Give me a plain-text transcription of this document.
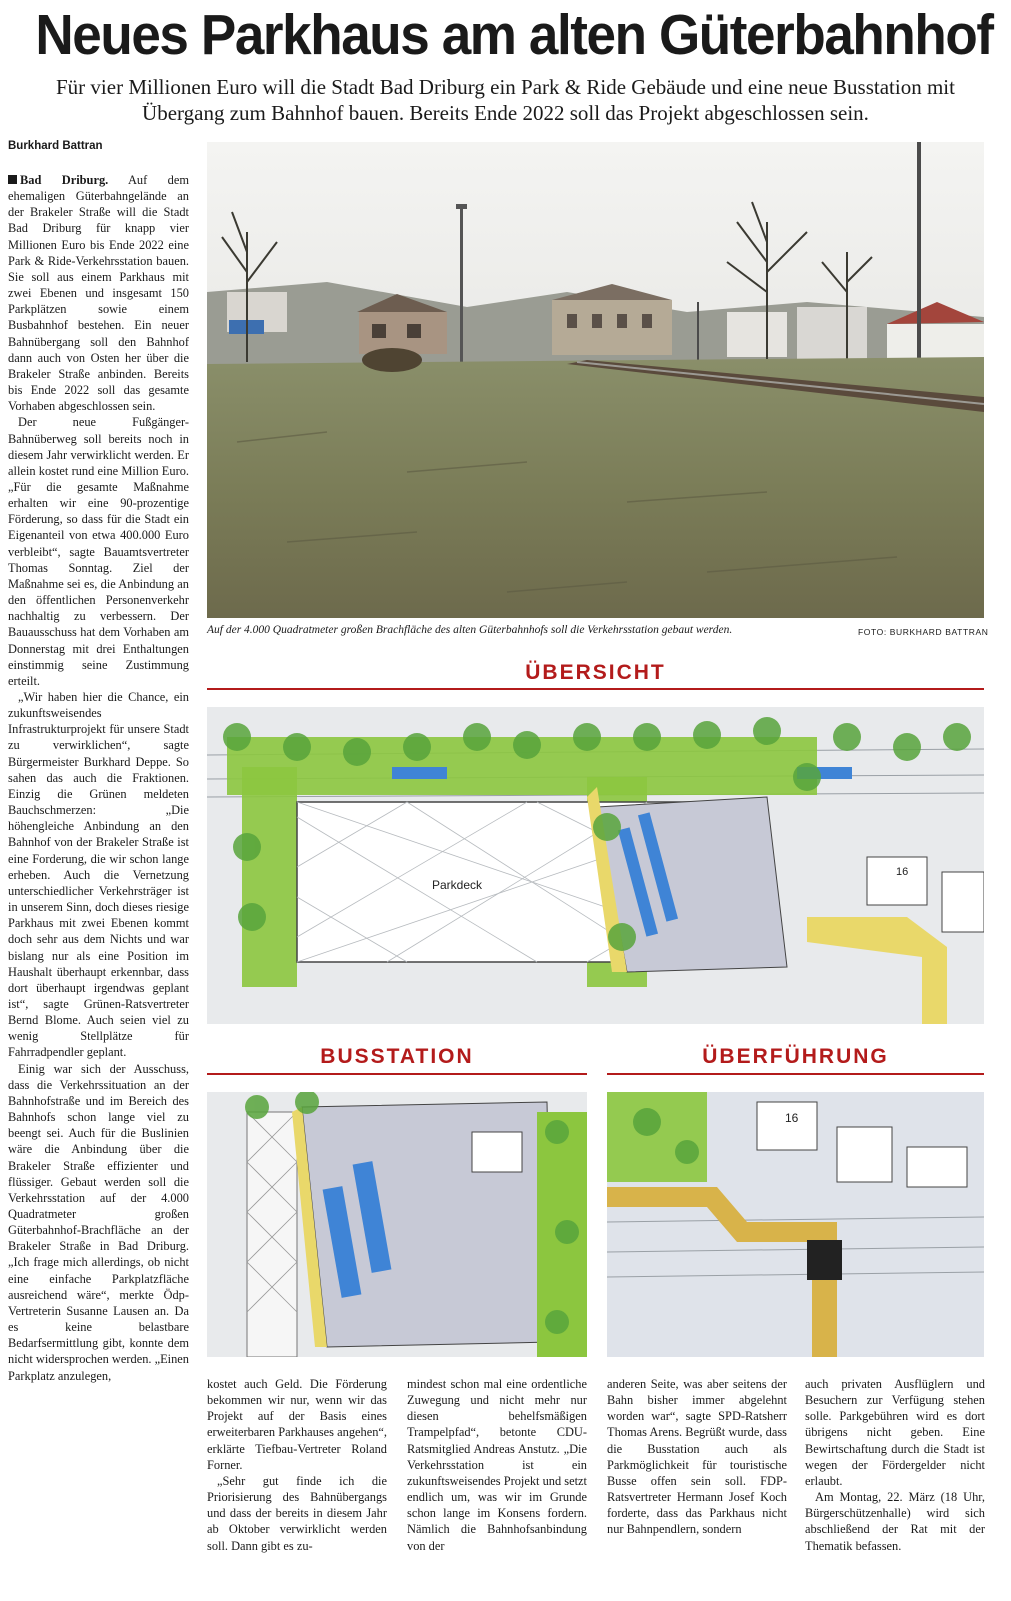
Neues Parkhaus am alten Güterbahnhof
Für vier Millionen Euro will die Stadt Bad Driburg ein Park & Ride Gebäude und eine neue Busstation mit
Übergang zum Bahnhof bauen. Bereits Ende 2022 soll das Projekt abgeschlossen sein.
Burkhard Battran

Bad Driburg. Auf dem ehemaligen Güterbahngelände an der Brakeler Straße will die Stadt Bad Driburg für knapp vier Millionen Euro bis Ende 2022 eine Park & Ride-Verkehrsstation bauen. Sie soll aus einem Parkhaus mit zwei Ebenen und insgesamt 150 Parkplätzen sowie einem Busbahnhof bestehen. Ein neuer Bahnübergang soll den Bahnhof dann auch von Osten her über die Brakeler Straße anbinden. Bereits bis Ende 2022 soll das gesamte Vorhaben abgeschlossen sein.

Der neue Fußgänger-Bahnüberweg soll bereits noch in diesem Jahr verwirklicht werden. Er allein kostet rund eine Million Euro. „Für die gesamte Maßnahme erhalten wir eine 90-prozentige Förderung, so dass für die Stadt ein Eigenanteil von etwa 400.000 Euro verbleibt“, sagte Bauamtsvertreter Thomas Sonntag. Ziel der Maßnahme sei es, die Anbindung an den öffentlichen Personenverkehr nachhaltig zu verbessern. Der Bauausschuss hat dem Vorhaben am Donnerstag mit drei Enthaltungen einstimmig seine Zustimmung erteilt.

„Wir haben hier die Chance, ein zukunftsweisendes Infrastrukturprojekt für unsere Stadt zu verwirklichen“, sagte Bürgermeister Burkhard Deppe. So sahen das auch die Fraktionen. Einzig die Grünen meldeten Bauchschmerzen: „Die höhengleiche Anbindung an den Bahnhof von der Brakeler Straße ist eine Forderung, die wir schon lange erheben. Auch die Vernetzung unterschiedlicher Verkehrsträger ist in unserem Sinn, doch dieses riesige Parkhaus mit zwei Ebenen kommt doch sehr aus dem Nichts und war bislang nur als eine Position im Haushalt überhaupt erkennbar, dass dort überhaupt irgendwas geplant ist“, sagte Grünen-Ratsvertreter Bernd Blome. Auch seien viel zu wenig Stellplätze für Fahrradpendler geplant.

Einig war sich der Ausschuss, dass die Verkehrssituation an der Bahnhofstraße und im Bereich des Bahnhofs schon lange viel zu beengt sei. Auch für die Buslinien wäre die Anbindung über die Brakeler Straße effizienter und flüssiger. Gebaut werden soll die Verkehrsstation auf der 4.000 Quadratmeter großen Güterbahnhof-Brachfläche an der Brakeler Straße in Bad Driburg. „Ich frage mich allerdings, ob nicht eine einfache Parkplatzfläche ausreichend wäre“, merkte Ödp-Vertreterin Susanne Lausen an. Da es keine belastbare Bedarfsermittlung gibt, konnte dem nicht widersprochen werden. „Einen Parkplatz anzulegen,

Auf der 4.000 Quadratmeter großen Brachfläche des alten Güterbahnhofs soll die Verkehrsstation gebaut werden.	FOTO: BURKHARD BATTRAN
ÜBERSICHT
Parkdeck
16
BUSSTATION	ÜBERFÜHRUNG
16

kostet auch Geld. Die Förderung bekommen wir nur, wenn wir das Projekt auf der Basis eines erweiterbaren Parkhauses angehen“, erklärte Tiefbau-Vertreter Roland Forner.

„Sehr gut finde ich die Priorisierung des Bahnübergangs und dass der bereits in diesem Jahr ab Oktober verwirklicht werden soll. Dann gibt es zu-

mindest schon mal eine ordentliche Zuwegung und nicht mehr nur diesen behelfsmäßigen Trampelpfad“, betonte CDU-Ratsmitglied Andreas Anstutz. „Die Verkehrsstation ist ein zukunftsweisendes Projekt und setzt endlich um, was wir im Grunde schon lange im Konsens fordern. Nämlich die Bahnhofsanbindung von der

anderen Seite, was aber seitens der Bahn bisher immer abgelehnt worden war“, sagte SPD-Ratsherr Thomas Arens. Begrüßt wurde, dass die Busstation auch als Parkmöglichkeit für touristische Busse offen sein soll. FDP-Ratsvertreter Hermann Josef Koch forderte, dass das Parkhaus nicht nur Bahnpendlern, sondern

auch privaten Ausflüglern und Besuchern zur Verfügung stehen solle. Parkgebühren wird es dort übrigens nicht geben. Eine Bewirtschaftung durch die Stadt ist wegen der Fördergelder nicht erlaubt.

Am Montag, 22. März (18 Uhr, Bürgerschützenhalle) wird sich abschließend der Rat mit der Thematik befassen.
